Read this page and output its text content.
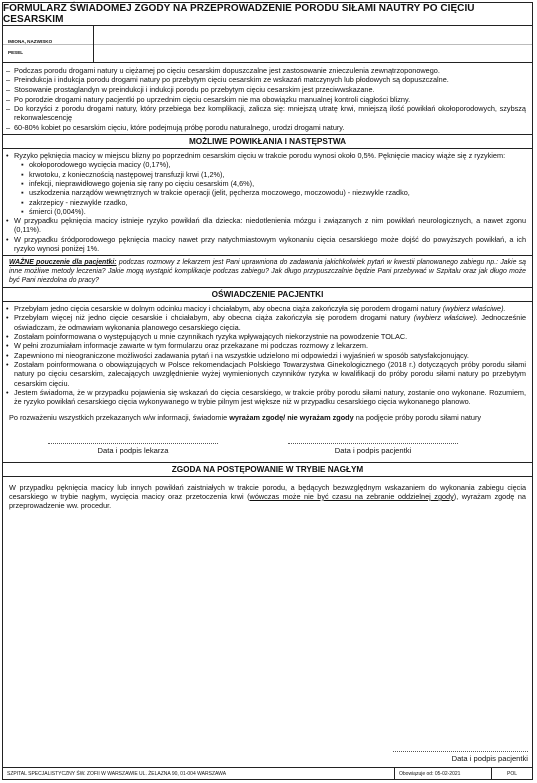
FORMULARZ ŚWIADOMEJ ZGODY NA PRZEPROWADZENIE PORODU SIŁAMI NAUTRY PO CIĘCIU CESARSKIM
IMIONA, NAZWISKO
PESEL
– Podczas porodu drogami natury u ciężarnej po cięciu cesarskim dopuszczalne jest zastosowanie znieczulenia zewnątrzoponowego.
– Preindukcja i indukcja porodu drogami natury po przebytym cięciu cesarskim ze wskazań matczynych lub płodowych są dopuszczalne.
– Stosowanie prostaglandyn w preindukcji i indukcji porodu po przebytym cięciu cesarskim jest przeciwwskazane.
– Po porodzie drogami natury pacjentki po uprzednim cięciu cesarskim nie ma obowiązku manualnej kontroli ciągłości blizny.
– Do korzyści z porodu drogami natury, który przebiega bez komplikacji, zalicza się: mniejszą utratę krwi, mniejszą ilość powikłań okołoporodowych, szybszą rekonwalescencję
– 60-80% kobiet po cesarskim cięciu, które podejmują próbę porodu naturalnego, urodzi drogami natury.
MOŻLIWE POWIKŁANIA I NASTĘPSTWA
• Ryzyko pęknięcia macicy w miejscu blizny po poprzednim cesarskim cięciu w trakcie porodu wynosi około 0,5%. Pęknięcie macicy wiąże się z ryzykiem:
▪ okołoporodowego wycięcia macicy (0,17%),
▪ krwotoku, z koniecznością następowej transfuzji krwi (1,2%),
▪ infekcji, nieprawidłowego gojenia się rany po cięciu cesarskim (4,6%),
▪ uszkodzenia narządów wewnętrznych w trakcie operacji (jelit, pęcherza moczowego, moczowodu) - niezwykle rzadko,
▪ zakrzepicy - niezwykle rzadko,
▪ śmierci (0,004%).
• W przypadku pęknięcia macicy istnieje ryzyko powikłań dla dziecka: niedotlenienia mózgu i związanych z nim powikłań neurologicznych, a nawet zgonu (0,11%).
• W przypadku śródporodowego pęknięcia macicy nawet przy natychmiastowym wykonaniu cięcia cesarskiego może dojść do powyższych powikłań, a ich ryzyko wynosi poniżej 1%.
WAŻNE pouczenie dla pacjentki: podczas rozmowy z lekarzem jest Pani uprawniona do zadawania jakichkolwiek pytań w kwestii planowanego zabiegu np.: Jakie są inne możliwe metody leczenia? Jakie mogą wystąpić komplikacje podczas zabiegu? Jak długo przypuszczalnie będzie Pani przebywać w Szpitalu oraz jak długo może być Pani niezdolna do pracy?
OŚWIADCZENIE PACJENTKI
• Przebyłam jedno cięcia cesarskie w dolnym odcinku macicy i chciałabym, aby obecna ciąża zakończyła się porodem drogami natury (wybierz właściwe).
• Przebyłam więcej niż jedno cięcie cesarskie i chciałabym, aby obecna ciąża zakończyła się porodem drogami natury (wybierz właściwe). Jednocześnie oświadczam, że odmawiam wykonania planowego cesarskiego cięcia.
• Zostałam poinformowana o występujących u mnie czynnikach ryzyka wpływających niekorzystnie na powodzenie TOLAC.
• W pełni zrozumiałam informacje zawarte w tym formularzu oraz przekazane mi podczas rozmowy z lekarzem.
• Zapewniono mi nieograniczone możliwości zadawania pytań i na wszystkie udzielono mi odpowiedzi i wyjaśnień w sposób satysfakcjonujący.
• Zostałam poinformowana o obowiązujących w Polsce rekomendacjach Polskiego Towarzystwa Ginekologicznego (2018 r.) dotyczących próby porodu siłami natury po cięciu cesarskim, zalecających uwzględnienie wyżej wymienionych czynników ryzyka w kwalifikacji do próby porodu siłami natury po przebytym cesarskim cięciu.
• Jestem świadoma, że w przypadku pojawienia się wskazań do cięcia cesarskiego, w trakcie próby porodu siłami natury, zostanie ono wykonane. Rozumiem, że ryzyko powikłań cesarskiego cięcia wykonywanego w trybie pilnym jest większe niż w przypadku cesarskiego cięcia wykonanego planowo.
Po rozważeniu wszystkich przekazanych w/w informacji, świadomie wyrażam zgodę/ nie wyrażam zgody na podjęcie próby porodu siłami natury
Data i podpis lekarza	Data i podpis pacjentki
ZGODA NA POSTĘPOWANIE W TRYBIE NAGŁYM
W przypadku pęknięcia macicy lub innych powikłań zaistniałych w trakcie porodu, a będących bezwzględnym wskazaniem do wykonania zabiegu cięcia cesarskiego w trybie nagłym, wycięcia macicy oraz przetoczenia krwi (wówczas może nie być czasu na zebranie oddzielnej zgody), wyrażam zgodę na przeprowadzenie ww. procedur.
Data i podpis pacjentki
SZPITAL SPECJALISTYCZNY ŚW. ZOFII W WARSZAWIE UL. ŻELAZNA 90, 01-004 WARSZAWA	Obowiązuje od: 05-02-2021	POL
